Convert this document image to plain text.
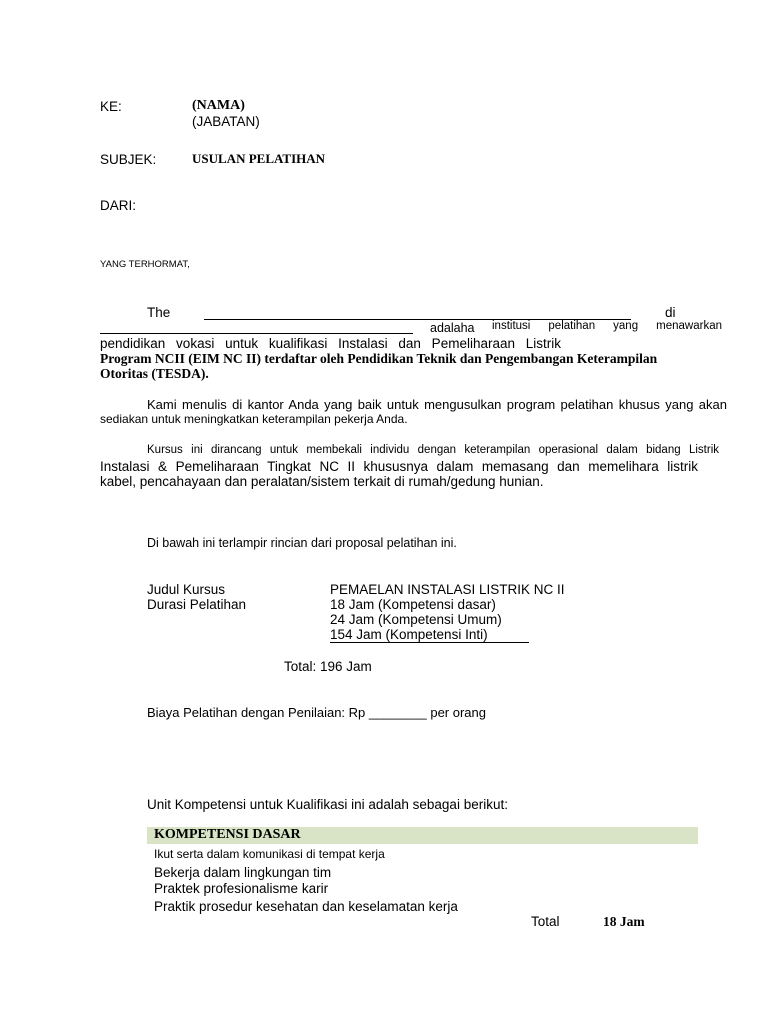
KE:	(NAMA)
(JABATAN)
SUBJEK:	USULAN PELATIHAN
DARI:
YANG TERHORMAT,
The	di
adalaha institusi pelatihan yang menawarkan
pendidikan vokasi untuk kualifikasi Instalasi dan Pemeliharaan Listrik
Program NCII (EIM NC II) terdaftar oleh Pendidikan Teknik dan Pengembangan Keterampilan
Otoritas (TESDA).
Kami menulis di kantor Anda yang baik untuk mengusulkan program pelatihan khusus yang akan
sediakan untuk meningkatkan keterampilan pekerja Anda.
Kursus ini dirancang untuk membekali individu dengan keterampilan operasional dalam bidang Listrik
Instalasi & Pemeliharaan Tingkat NC II khususnya dalam memasang dan memelihara listrik
kabel, pencahayaan dan peralatan/sistem terkait di rumah/gedung hunian.
Di bawah ini terlampir rincian dari proposal pelatihan ini.
Judul Kursus	PEMAELAN INSTALASI LISTRIK NC II
Durasi Pelatihan	18 Jam (Kompetensi dasar)
24 Jam (Kompetensi Umum)
154 Jam (Kompetensi Inti)
Total: 196 Jam
Biaya Pelatihan dengan Penilaian: Rp ________ per orang
Unit Kompetensi untuk Kualifikasi ini adalah sebagai berikut:
KOMPETENSI DASAR
Ikut serta dalam komunikasi di tempat kerja
Bekerja dalam lingkungan tim
Praktek profesionalisme karir
Praktik prosedur kesehatan dan keselamatan kerja
Total	18 Jam
